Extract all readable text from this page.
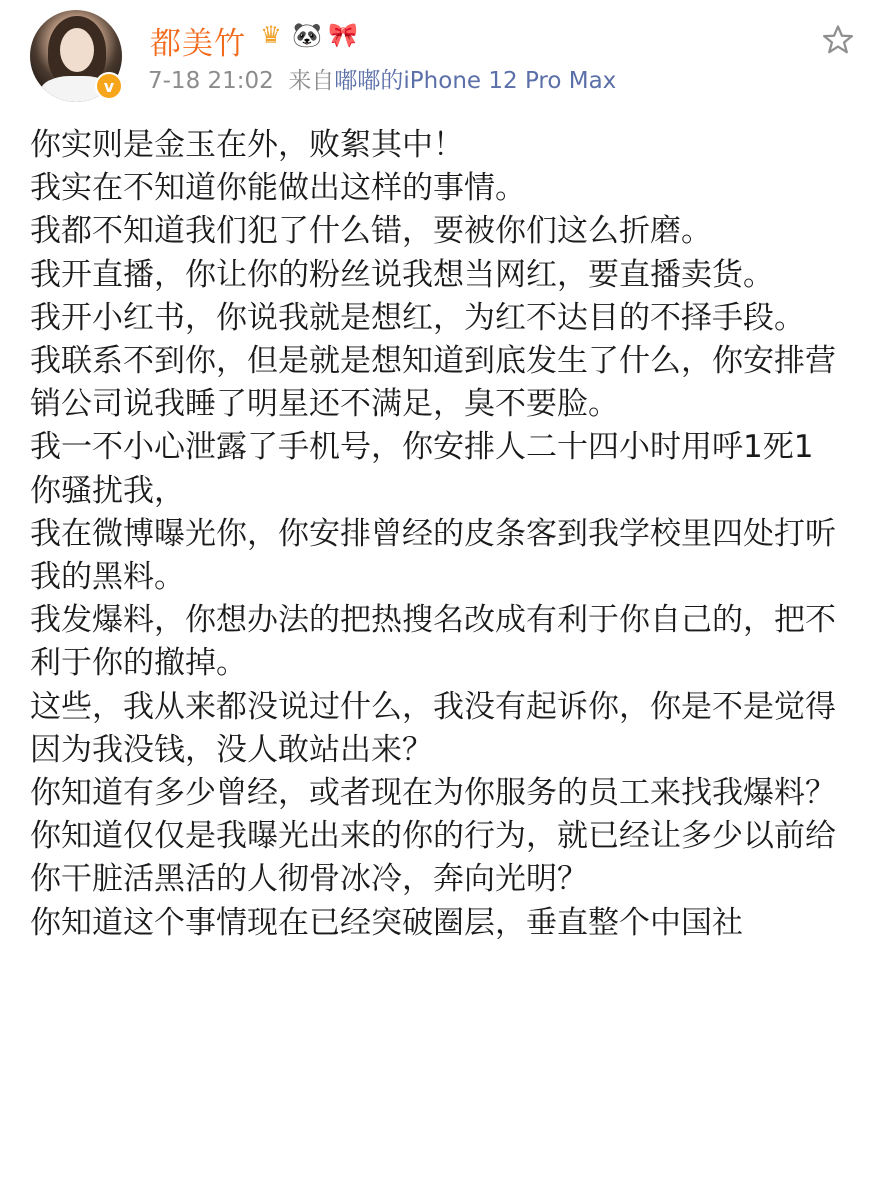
v
都美竹 ♛ 🐼 🎀
7-18 21:02 来自嘟嘟的iPhone 12 Pro Max

你实则是金玉在外，败絮其中！

我实在不知道你能做出这样的事情。

我都不知道我们犯了什么错，要被你们这么折磨。

我开直播，你让你的粉丝说我想当网红，要直播卖货。

我开小红书，你说我就是想红，为红不达目的不择手段。

我联系不到你，但是就是想知道到底发生了什么，你安排营销公司说我睡了明星还不满足，臭不要脸。

我一不小心泄露了手机号，你安排人二十四小时用呼1死1你骚扰我，

我在微博曝光你，你安排曾经的皮条客到我学校里四处打听我的黑料。

我发爆料，你想办法的把热搜名改成有利于你自己的，把不利于你的撤掉。

这些，我从来都没说过什么，我没有起诉你，你是不是觉得因为我没钱，没人敢站出来？

你知道有多少曾经，或者现在为你服务的员工来找我爆料？

你知道仅仅是我曝光出来的你的行为，就已经让多少以前给你干脏活黑活的人彻骨冰冷，奔向光明？

你知道这个事情现在已经突破圈层，垂直整个中国社
